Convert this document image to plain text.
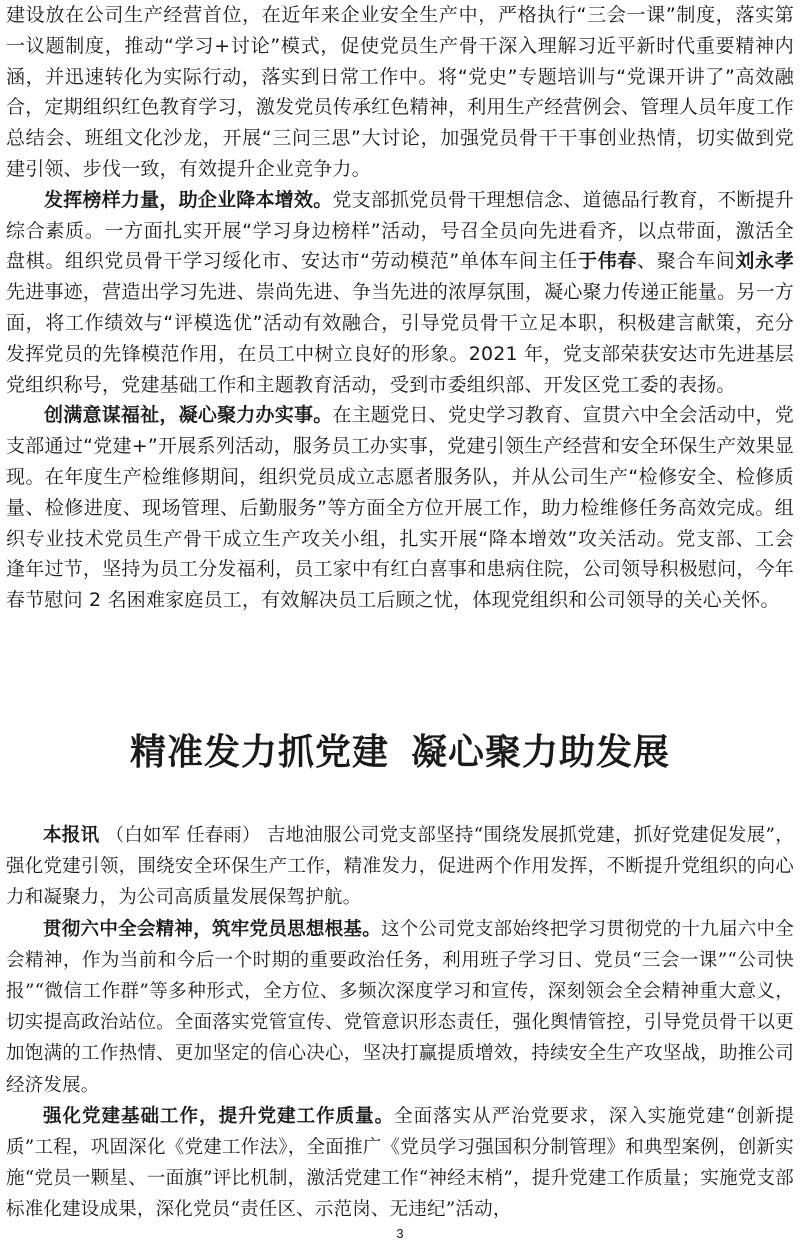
建设放在公司生产经营首位，在近年来企业安全生产中，严格执行“三会一课”制度，落实第一议题制度，推动“学习+讨论”模式，促使党员生产骨干深入理解习近平新时代重要精神内涵，并迅速转化为实际行动，落实到日常工作中。将“党史”专题培训与“党课开讲了”高效融合，定期组织红色教育学习，激发党员传承红色精神，利用生产经营例会、管理人员年度工作总结会、班组文化沙龙，开展“三问三思”大讨论，加强党员骨干干事创业热情，切实做到党建引领、步伐一致，有效提升企业竞争力。

发挥榜样力量，助企业降本增效。党支部抓党员骨干理想信念、道德品行教育，不断提升综合素质。一方面扎实开展“学习身边榜样”活动，号召全员向先进看齐，以点带面，激活全盘棋。组织党员骨干学习绥化市、安达市“劳动模范”单体车间主任于伟春、聚合车间刘永孝先进事迹，营造出学习先进、崇尚先进、争当先进的浓厚氛围，凝心聚力传递正能量。另一方面，将工作绩效与“评模选优”活动有效融合，引导党员骨干立足本职，积极建言献策，充分发挥党员的先锋模范作用，在员工中树立良好的形象。2021 年，党支部荣获安达市先进基层党组织称号，党建基础工作和主题教育活动，受到市委组织部、开发区党工委的表扬。

创满意谋福祉，凝心聚力办实事。在主题党日、党史学习教育、宣贯六中全会活动中，党支部通过“党建+”开展系列活动，服务员工办实事，党建引领生产经营和安全环保生产效果显现。在年度生产检维修期间，组织党员成立志愿者服务队，并从公司生产“检修安全、检修质量、检修进度、现场管理、后勤服务”等方面全方位开展工作，助力检维修任务高效完成。组织专业技术党员生产骨干成立生产攻关小组，扎实开展“降本增效”攻关活动。党支部、工会逢年过节，坚持为员工分发福利，员工家中有红白喜事和患病住院，公司领导积极慰问，今年春节慰问 2 名困难家庭员工，有效解决员工后顾之忧，体现党组织和公司领导的关心关怀。

精准发力抓党建 凝心聚力助发展

本报讯 （白如军 任春雨） 吉地油服公司党支部坚持“围绕发展抓党建，抓好党建促发展”，强化党建引领，围绕安全环保生产工作，精准发力，促进两个作用发挥，不断提升党组织的向心力和凝聚力，为公司高质量发展保驾护航。

贯彻六中全会精神，筑牢党员思想根基。这个公司党支部始终把学习贯彻党的十九届六中全会精神，作为当前和今后一个时期的重要政治任务，利用班子学习日、党员“三会一课”“公司快报”“微信工作群”等多种形式，全方位、多频次深度学习和宣传，深刻领会全会精神重大意义，切实提高政治站位。全面落实党管宣传、党管意识形态责任，强化舆情管控，引导党员骨干以更加饱满的工作热情、更加坚定的信心决心，坚决打赢提质增效，持续安全生产攻坚战，助推公司经济发展。

强化党建基础工作，提升党建工作质量。全面落实从严治党要求，深入实施党建“创新提质”工程，巩固深化《党建工作法》，全面推广《党员学习强国积分制管理》和典型案例，创新实施“党员一颗星、一面旗”评比机制，激活党建工作“神经末梢”，提升党建工作质量；实施党支部标准化建设成果，深化党员“责任区、示范岗、无违纪”活动，

3
